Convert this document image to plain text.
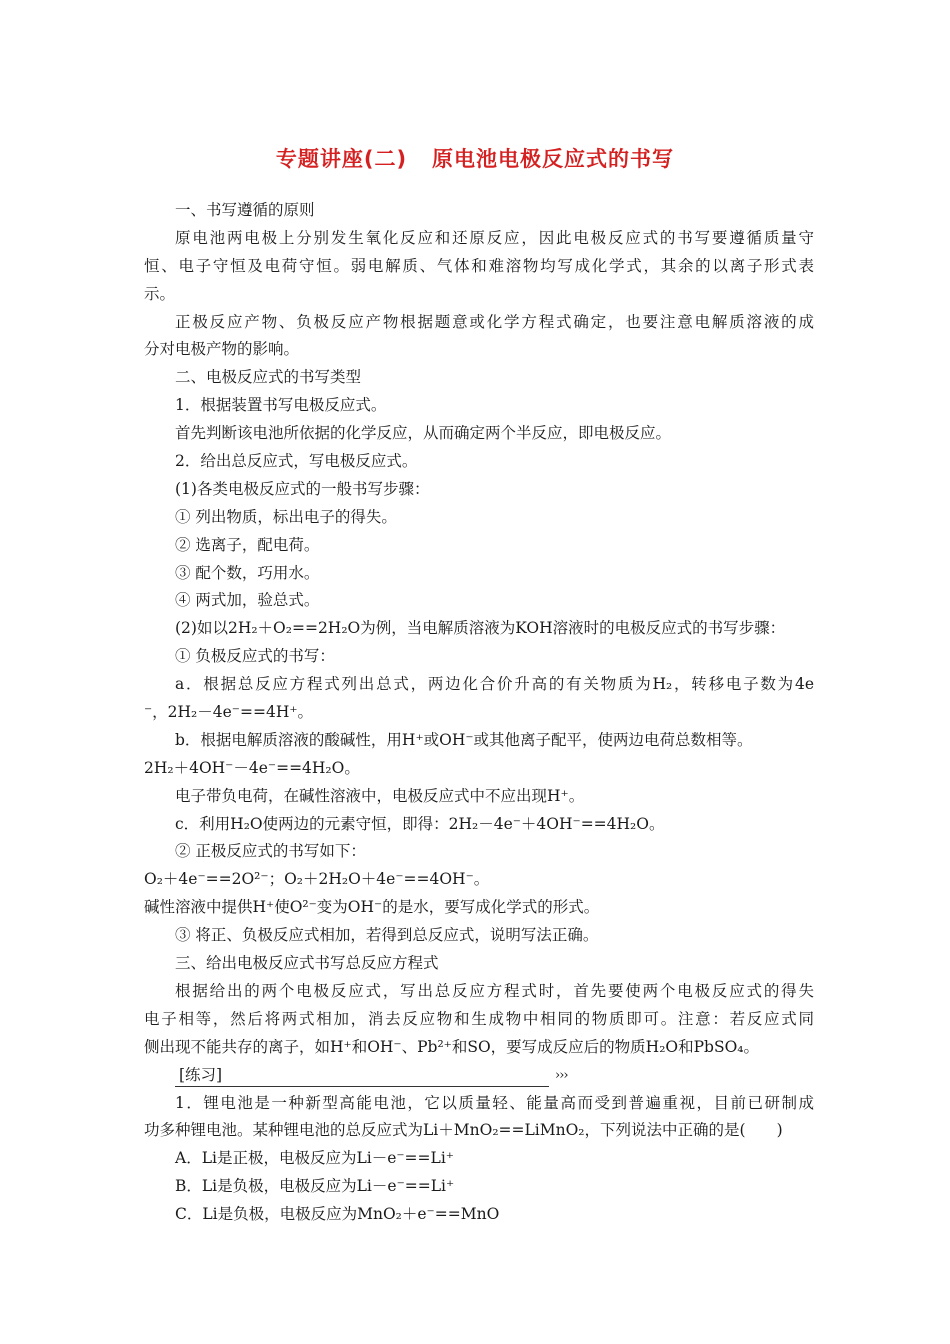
专题讲座(二)   原电池电极反应式的书写
一、书写遵循的原则
原电池两电极上分别发生氧化反应和还原反应，因此电极反应式的书写要遵循质量守
恒、电子守恒及电荷守恒。弱电解质、气体和难溶物均写成化学式，其余的以离子形式表
示。
正极反应产物、负极反应产物根据题意或化学方程式确定，也要注意电解质溶液的成
分对电极产物的影响。
二、电极反应式的书写类型
1．根据装置书写电极反应式。
首先判断该电池所依据的化学反应，从而确定两个半反应，即电极反应。
2．给出总反应式，写电极反应式。
(1)各类电极反应式的一般书写步骤：
① 列出物质，标出电子的得失。
② 选离子，配电荷。
③ 配个数，巧用水。
④ 两式加，验总式。
(2)如以2H₂＋O₂==2H₂O为例，当电解质溶液为KOH溶液时的电极反应式的书写步骤：
① 负极反应式的书写：
a．根据总反应方程式列出总式，两边化合价升高的有关物质为H₂，转移电子数为4e
⁻，2H₂－4e⁻==4H⁺。
b．根据电解质溶液的酸碱性，用H⁺或OH⁻或其他离子配平，使两边电荷总数相等。
2H₂＋4OH⁻－4e⁻==4H₂O。
电子带负电荷，在碱性溶液中，电极反应式中不应出现H⁺。
c．利用H₂O使两边的元素守恒，即得：2H₂－4e⁻＋4OH⁻==4H₂O。
② 正极反应式的书写如下：
O₂＋4e⁻==2O²⁻；O₂＋2H₂O＋4e⁻==4OH⁻。
碱性溶液中提供H⁺使O²⁻变为OH⁻的是水，要写成化学式的形式。
③ 将正、负极反应式相加，若得到总反应式，说明写法正确。
三、给出电极反应式书写总反应方程式
根据给出的两个电极反应式，写出总反应方程式时，首先要使两个电极反应式的得失
电子相等，然后将两式相加，消去反应物和生成物中相同的物质即可。注意：若反应式同
侧出现不能共存的离子，如H⁺和OH⁻、Pb²⁺和SO，要写成反应后的物质H₂O和PbSO₄。
[练习]	›››
1．锂电池是一种新型高能电池，它以质量轻、能量高而受到普遍重视，目前已研制成
功多种锂电池。某种锂电池的总反应式为Li＋MnO₂==LiMnO₂，下列说法中正确的是(　　)
A．Li是正极，电极反应为Li－e⁻==Li⁺
B．Li是负极，电极反应为Li－e⁻==Li⁺
C．Li是负极，电极反应为MnO₂＋e⁻==MnO
